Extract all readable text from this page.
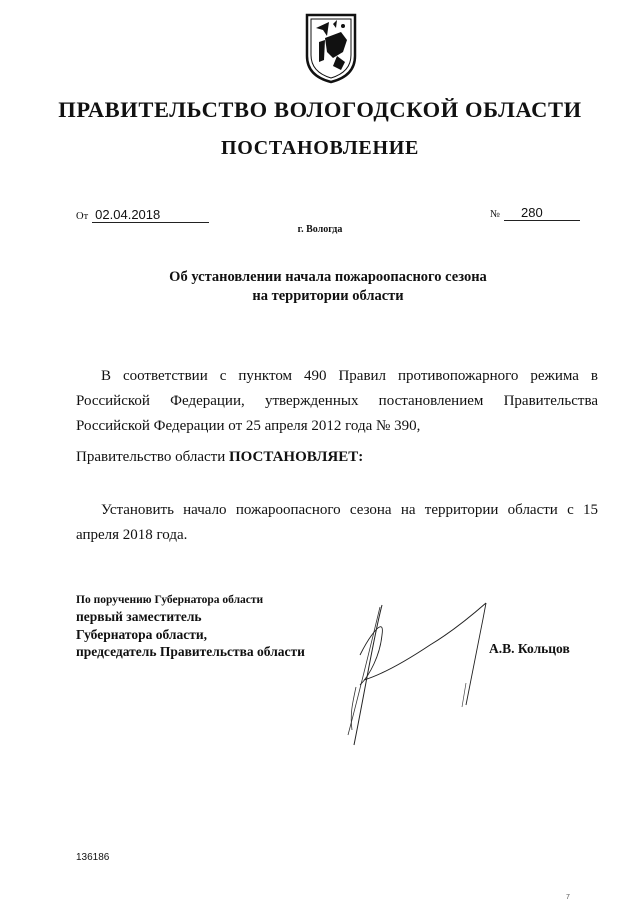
ПРАВИТЕЛЬСТВО ВОЛОГОДСКОЙ ОБЛАСТИ
ПОСТАНОВЛЕНИЕ
От 02.04.2018	№ 280
г. Вологда
Об установлении начала пожароопасного сезона
на территории области
В соответствии с пунктом 490 Правил противопожарного режима в Российской Федерации, утвержденных постановлением Правительства Российской Федерации от 25 апреля 2012 года № 390,
Правительство области ПОСТАНОВЛЯЕТ:
Установить начало пожароопасного сезона на территории области с 15 апреля 2018 года.
По поручению Губернатора области
первый заместитель
Губернатора области,
председатель Правительства области	А.В. Кольцов
136186
7
